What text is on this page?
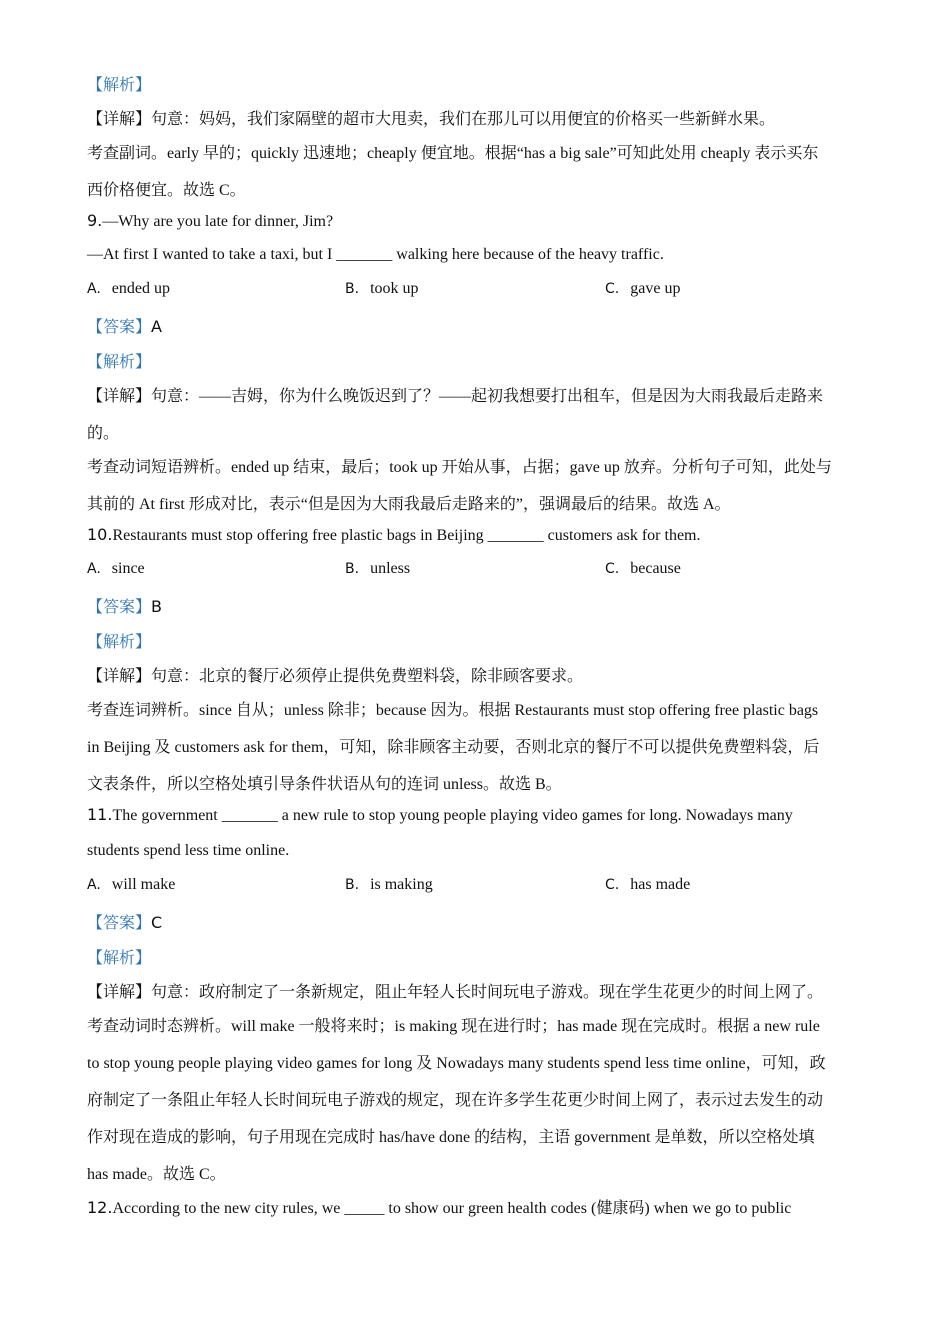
【解析】
【详解】句意：妈妈，我们家隔壁的超市大甩卖，我们在那儿可以用便宜的价格买一些新鲜水果。
考查副词。early 早的；quickly 迅速地；cheaply 便宜地。根据“has a big sale”可知此处用 cheaply 表示买东
西价格便宜。故选 C。
9.—Why are you late for dinner, Jim?
—At first I wanted to take a taxi, but I _______ walking here because of the heavy traffic.
A. ended up	B. took up	C. gave up
【答案】A
【解析】
【详解】句意：——吉姆，你为什么晚饭迟到了？——起初我想要打出租车，但是因为大雨我最后走路来
的。
考查动词短语辨析。ended up 结束，最后；took up 开始从事，占据；gave up 放弃。分析句子可知，此处与
其前的 At first 形成对比，表示“但是因为大雨我最后走路来的”，强调最后的结果。故选 A。
10.Restaurants must stop offering free plastic bags in Beijing _______ customers ask for them.
A. since	B. unless	C. because
【答案】B
【解析】
【详解】句意：北京的餐厅必须停止提供免费塑料袋，除非顾客要求。
考查连词辨析。since 自从；unless 除非；because 因为。根据 Restaurants must stop offering free plastic bags
in Beijing 及 customers ask for them，可知，除非顾客主动要，否则北京的餐厅不可以提供免费塑料袋，后
文表条件，所以空格处填引导条件状语从句的连词 unless。故选 B。
11.The government _______ a new rule to stop young people playing video games for long. Nowadays many
students spend less time online.
A. will make	B. is making	C. has made
【答案】C
【解析】
【详解】句意：政府制定了一条新规定，阻止年轻人长时间玩电子游戏。现在学生花更少的时间上网了。
考查动词时态辨析。will make 一般将来时；is making 现在进行时；has made 现在完成时。根据 a new rule
to stop young people playing video games for long 及 Nowadays many students spend less time online，可知，政
府制定了一条阻止年轻人长时间玩电子游戏的规定，现在许多学生花更少时间上网了，表示过去发生的动
作对现在造成的影响，句子用现在完成时 has/have done 的结构，主语 government 是单数，所以空格处填
has made。故选 C。
12.According to the new city rules, we _____ to show our green health codes (健康码) when we go to public
